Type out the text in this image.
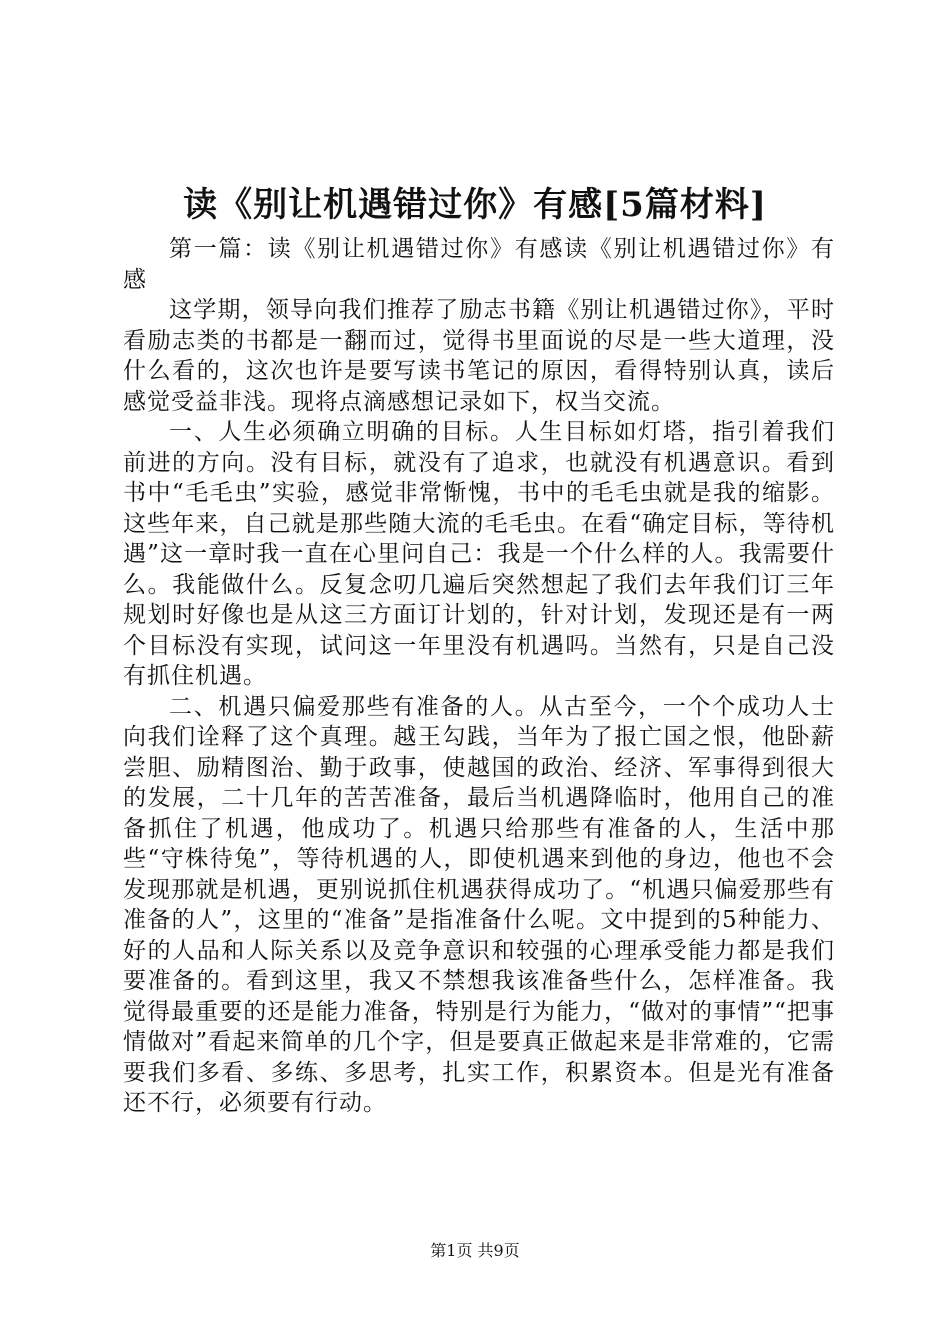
读《别让机遇错过你》有感[5篇材料]

第一篇：读《别让机遇错过你》有感读《别让机遇错过你》有感

这学期，领导向我们推荐了励志书籍《别让机遇错过你》，平时看励志类的书都是一翻而过，觉得书里面说的尽是一些大道理，没什么看的，这次也许是要写读书笔记的原因，看得特别认真，读后感觉受益非浅。现将点滴感想记录如下，权当交流。

一、人生必须确立明确的目标。人生目标如灯塔，指引着我们前进的方向。没有目标，就没有了追求，也就没有机遇意识。看到书中“毛毛虫”实验，感觉非常惭愧，书中的毛毛虫就是我的缩影。这些年来，自己就是那些随大流的毛毛虫。在看“确定目标，等待机遇”这一章时我一直在心里问自己：我是一个什么样的人。我需要什么。我能做什么。反复念叨几遍后突然想起了我们去年我们订三年规划时好像也是从这三方面订计划的，针对计划，发现还是有一两个目标没有实现，试问这一年里没有机遇吗。当然有，只是自己没有抓住机遇。

二、机遇只偏爱那些有准备的人。从古至今，一个个成功人士向我们诠释了这个真理。越王勾践，当年为了报亡国之恨，他卧薪尝胆、励精图治、勤于政事，使越国的政治、经济、军事得到很大的发展，二十几年的苦苦准备，最后当机遇降临时，他用自己的准备抓住了机遇，他成功了。机遇只给那些有准备的人，生活中那些“守株待兔”，等待机遇的人，即使机遇来到他的身边，他也不会发现那就是机遇，更别说抓住机遇获得成功了。“机遇只偏爱那些有准备的人”，这里的“准备”是指准备什么呢。文中提到的5种能力、好的人品和人际关系以及竞争意识和较强的心理承受能力都是我们要准备的。看到这里，我又不禁想我该准备些什么，怎样准备。我觉得最重要的还是能力准备，特别是行为能力，“做对的事情”“把事情做对”看起来简单的几个字，但是要真正做起来是非常难的，它需要我们多看、多练、多思考，扎实工作，积累资本。但是光有准备还不行，必须要有行动。

第1页 共9页
